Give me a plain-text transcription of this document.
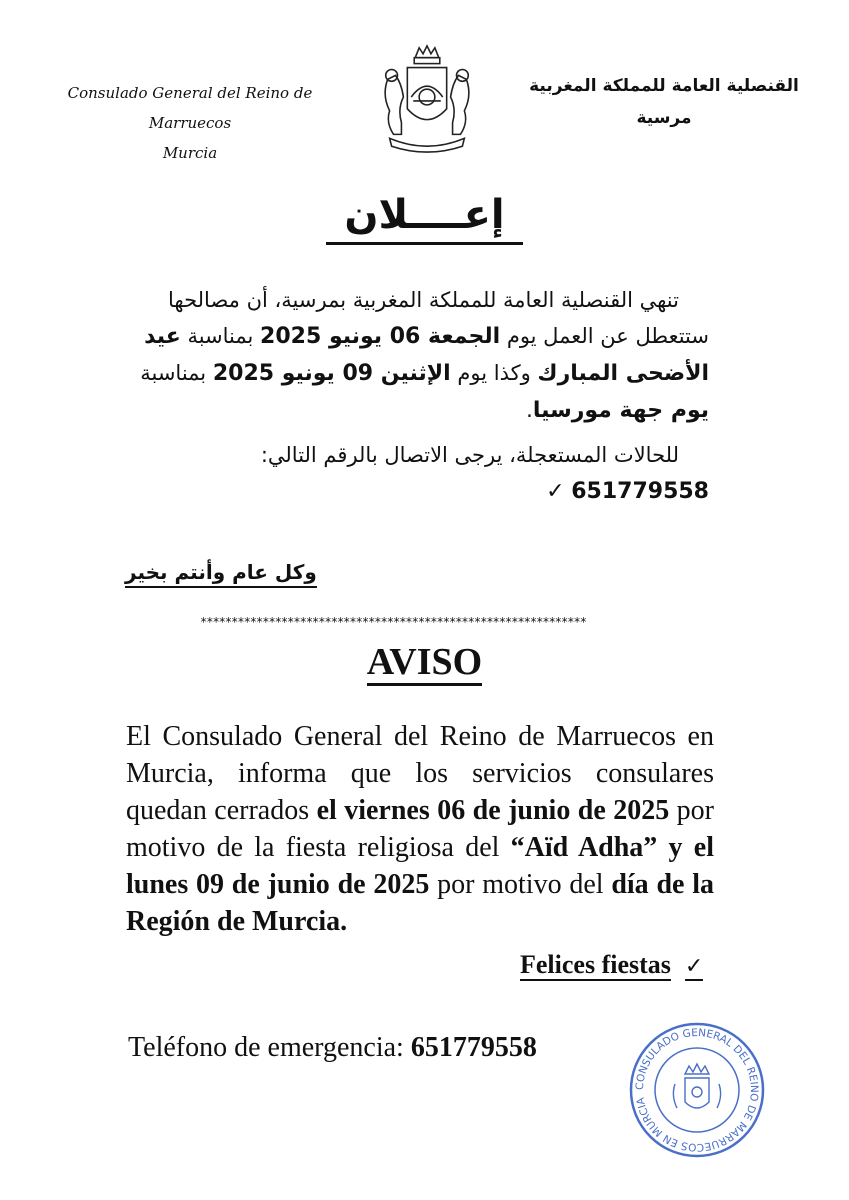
Consulado General del Reino de Marruecos
Murcia
القنصلية العامة للمملكة المغربية
مرسية
إعــــلان

تنهي القنصلية العامة للمملكة المغربية بمرسية، أن مصالحها ستتعطل عن العمل يوم الجمعة 06 يونيو 2025 بمناسبة عيد الأضحى المبارك وكذا يوم الإثنين 09 يونيو 2025 بمناسبة يوم جهة مورسيا.

للحالات المستعجلة، يرجى الاتصال بالرقم التالي:
651779558 ✓

وكل عام وأنتم بخير
**************************************************************
AVISO
El Consulado General del Reino de Marruecos en Murcia, informa que los servicios consulares quedan cerrados el viernes 06 de junio de 2025 por motivo de la fiesta religiosa del “Aïd Adha” y el lunes 09 de junio de 2025 por motivo del día de la Región de Murcia.
Felices fiestas ✓
Teléfono de emergencia: 651779558
CONSULADO GENERAL DEL REINO DE MARRUECOS EN MURCIA
